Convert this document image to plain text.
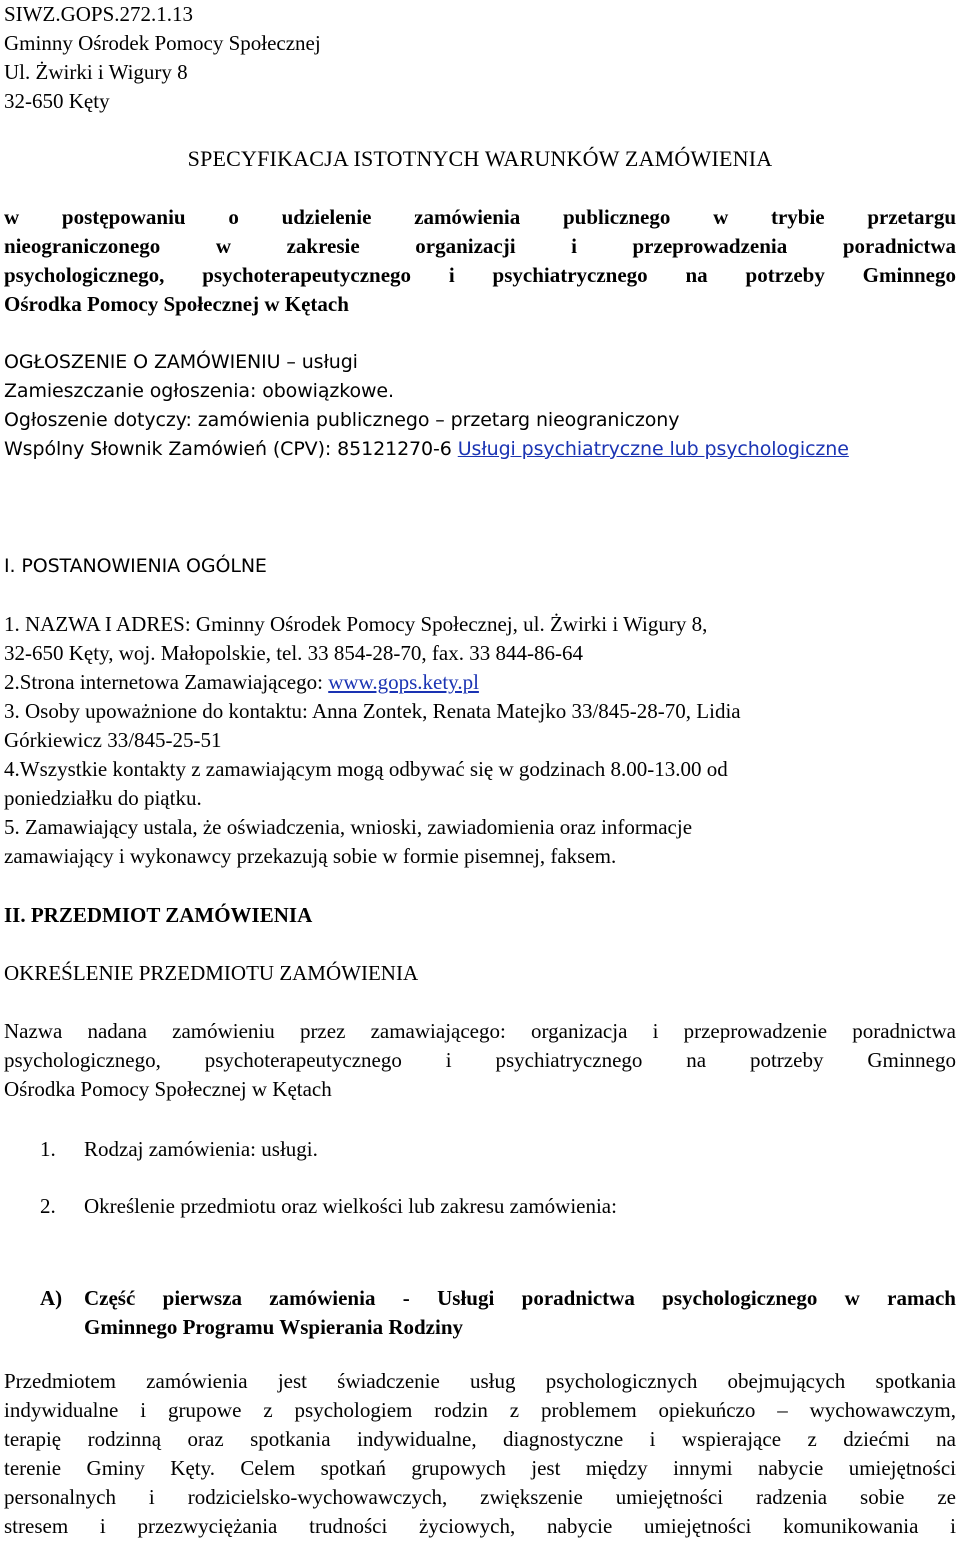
SIWZ.GOPS.272.1.13
Gminny Ośrodek Pomocy Społecznej
Ul. Żwirki i Wigury 8
32-650 Kęty
SPECYFIKACJA ISTOTNYCH WARUNKÓW ZAMÓWIENIA
w postępowaniu o udzielenie zamówienia publicznego w trybie przetargu
nieograniczonego w zakresie organizacji i przeprowadzenia poradnictwa
psychologicznego, psychoterapeutycznego i psychiatrycznego na potrzeby Gminnego
Ośrodka Pomocy Społecznej w Kętach
OGŁOSZENIE O ZAMÓWIENIU – usługi
Zamieszczanie ogłoszenia: obowiązkowe.
Ogłoszenie dotyczy: zamówienia publicznego – przetarg nieograniczony
Wspólny Słownik Zamówień (CPV): 85121270-6 Usługi psychiatryczne lub psychologiczne
I. POSTANOWIENIA OGÓLNE
1. NAZWA I ADRES: Gminny Ośrodek Pomocy Społecznej, ul. Żwirki i Wigury 8,
32-650 Kęty, woj. Małopolskie, tel. 33 854-28-70, fax. 33 844-86-64
2.Strona internetowa Zamawiającego: www.gops.kety.pl
3. Osoby upoważnione do kontaktu: Anna Zontek, Renata Matejko 33/845-28-70, Lidia
Górkiewicz 33/845-25-51
4.Wszystkie kontakty z zamawiającym mogą odbywać się w godzinach 8.00-13.00 od
poniedziałku do piątku.
5. Zamawiający ustala, że oświadczenia, wnioski, zawiadomienia oraz informacje
zamawiający i wykonawcy przekazują sobie w formie pisemnej, faksem.
II. PRZEDMIOT ZAMÓWIENIA
OKREŚLENIE PRZEDMIOTU ZAMÓWIENIA
Nazwa nadana zamówieniu przez zamawiającego: organizacja i przeprowadzenie poradnictwa
psychologicznego, psychoterapeutycznego i psychiatrycznego na potrzeby Gminnego
Ośrodka Pomocy Społecznej w Kętach
1. Rodzaj zamówienia: usługi.
2. Określenie przedmiotu oraz wielkości lub zakresu zamówienia:
A) Część pierwsza zamówienia - Usługi poradnictwa psychologicznego w ramach
Gminnego Programu Wspierania Rodziny
Przedmiotem zamówienia jest świadczenie usług psychologicznych obejmujących spotkania
indywidualne i grupowe z psychologiem rodzin z problemem opiekuńczo – wychowawczym,
terapię rodzinną oraz spotkania indywidualne, diagnostyczne i wspierające z dziećmi na
terenie Gminy Kęty. Celem spotkań grupowych jest między innymi nabycie umiejętności
personalnych i rodzicielsko-wychowawczych, zwiększenie umiejętności radzenia sobie ze
stresem i przezwyciężania trudności życiowych, nabycie umiejętności komunikowania i
